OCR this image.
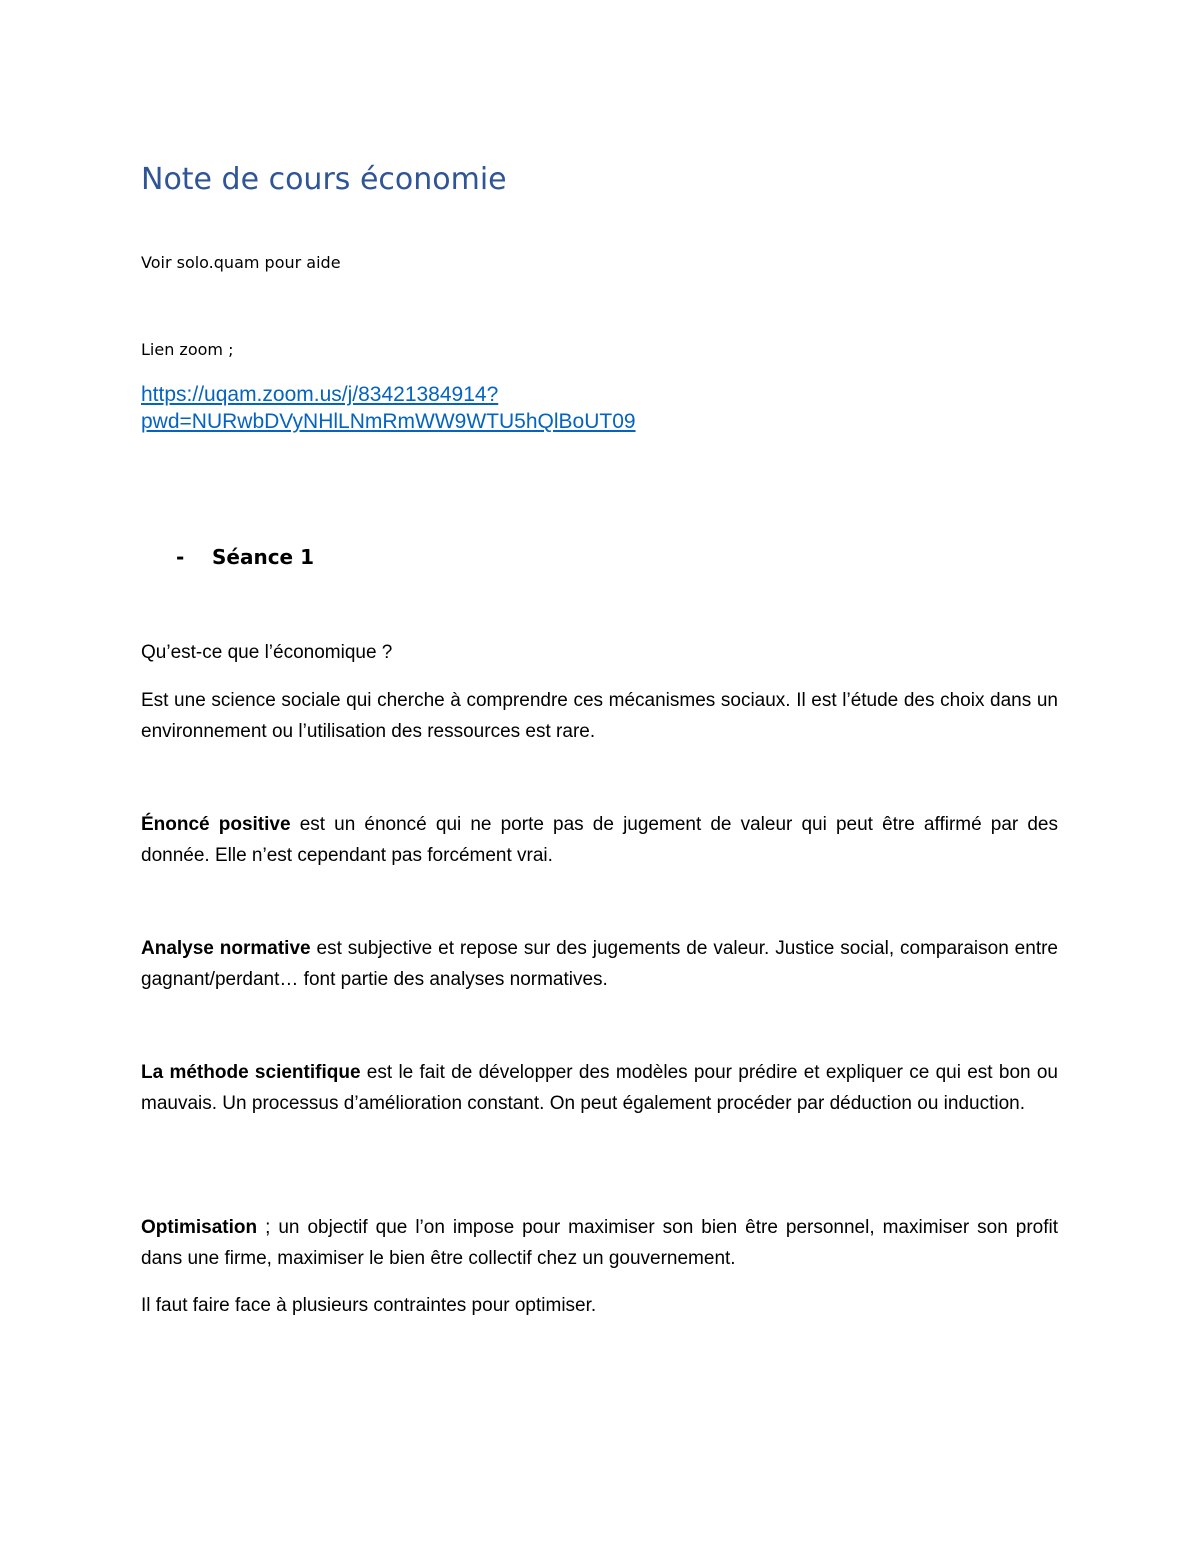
Note de cours économie
Voir solo.quam pour aide
Lien zoom ;
https://uqam.zoom.us/j/83421384914?
pwd=NURwbDVyNHlLNmRmWW9WTU5hQlBoUT09
- Séance 1
Qu’est-ce que l’économique ?

Est une science sociale qui cherche à comprendre ces mécanismes sociaux. Il est l’étude des choix dans un environnement ou l’utilisation des ressources est rare.

Énoncé positive est un énoncé qui ne porte pas de jugement de valeur qui peut être affirmé par des donnée. Elle n’est cependant pas forcément vrai.

Analyse normative est subjective et repose sur des jugements de valeur. Justice social, comparaison entre gagnant/perdant… font partie des analyses normatives.

La méthode scientifique est le fait de développer des modèles pour prédire et expliquer ce qui est bon ou mauvais. Un processus d’amélioration constant. On peut également procéder par déduction ou induction.

Optimisation ; un objectif que l’on impose pour maximiser son bien être personnel, maximiser son profit dans une firme, maximiser le bien être collectif chez un gouvernement.

Il faut faire face à plusieurs contraintes pour optimiser.
